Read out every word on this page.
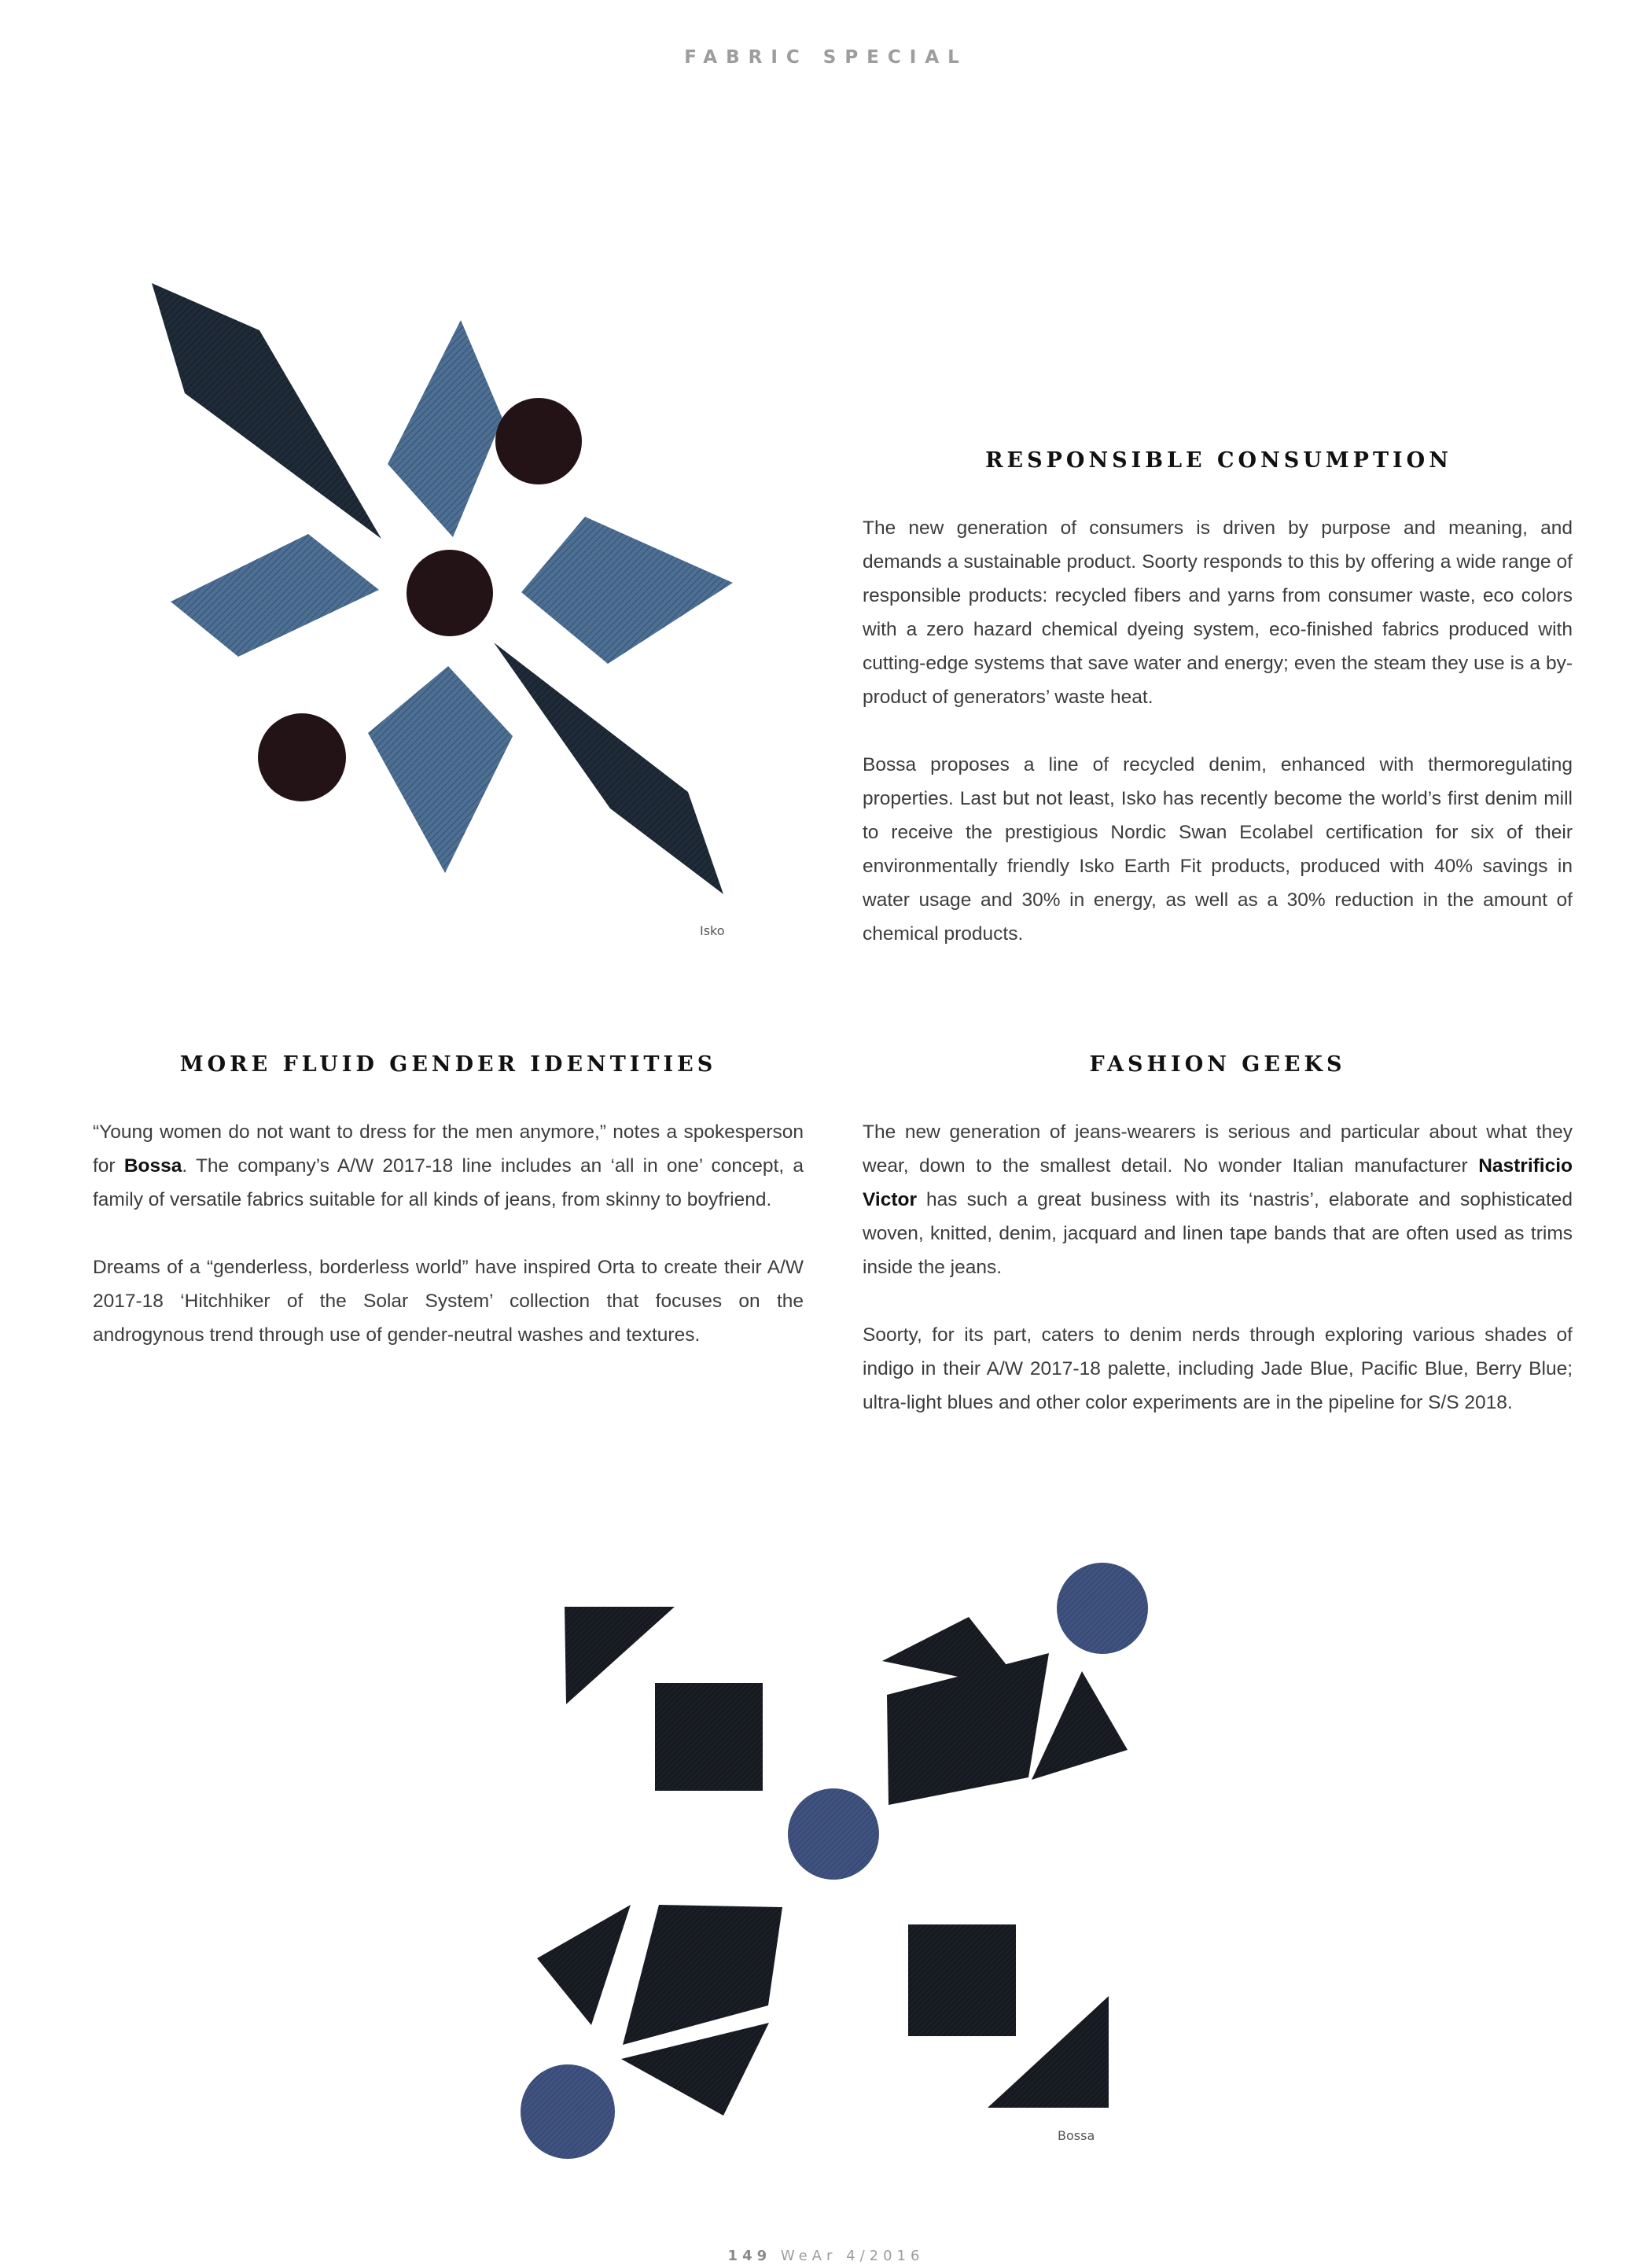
FABRIC SPECIAL
Isko
RESPONSIBLE CONSUMPTION

The new generation of consumers is driven by purpose and meaning, and demands a sustainable product. Soorty responds to this by offering a wide range of responsible products: recycled fibers and yarns from consumer waste, eco colors with a zero hazard chemical dyeing system, eco-finished fabrics produced with cutting-edge systems that save water and energy; even the steam they use is a by-product of generators’ waste heat.

Bossa proposes a line of recycled denim, enhanced with thermoregulating properties. Last but not least, Isko has recently become the world’s first denim mill to receive the prestigious Nordic Swan Ecolabel certification for six of their environmentally friendly Isko Earth Fit products, produced with 40% savings in water usage and 30% in energy, as well as a 30% reduction in the amount of chemical products.

MORE FLUID GENDER IDENTITIES

“Young women do not want to dress for the men anymore,” notes a spokesperson for Bossa. The company’s A/W 2017-18 line includes an ‘all in one’ concept, a family of versatile fabrics suitable for all kinds of jeans, from skinny to boyfriend.

Dreams of a “genderless, borderless world” have inspired Orta to create their A/W 2017-18 ‘Hitchhiker of the Solar System’ collection that focuses on the androgynous trend through use of gender-neutral washes and textures.

FASHION GEEKS

The new generation of jeans-wearers is serious and particular about what they wear, down to the smallest detail. No wonder Italian manufacturer Nastrificio Victor has such a great business with its ‘nastris’, elaborate and sophisticated woven, knitted, denim, jacquard and linen tape bands that are often used as trims inside the jeans.

Soorty, for its part, caters to denim nerds through exploring various shades of indigo in their A/W 2017-18 palette, including Jade Blue, Pacific Blue, Berry Blue; ultra-light blues and other color experiments are in the pipeline for S/S 2018.

Bossa
149 WeAr 4/2016
